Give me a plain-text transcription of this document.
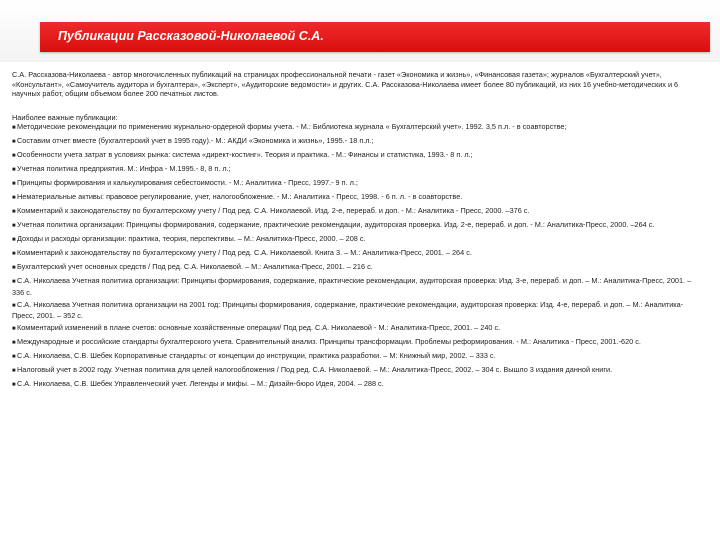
Публикации Рассказовой-Николаевой С.А.

С.А. Рассказова-Николаева - автор многочисленных публикаций на страницах профессиональной печати - газет «Экономика и жизнь», «Финансовая газета»; журналов «Бухгалтерский учет», «Консультант», «Самоучитель аудитора и бухгалтера», «Эксперт», «Аудиторские ведомости» и других. С.А. Рассказова-Николаева имеет более 80 публикаций, из них 16 учебно-методических и 6 научных работ, общим объемом более 200 печатных листов.

Наиболее важные публикации:

■Методические рекомендации по применению журнально-ордерной формы учета. - М.: Библиотека журнала « Бухгалтерский учет». 1992. 3,5 п.л. - в соавторстве;
■Составим отчет вместе (бухгалтерский учет в 1995 году).- М.: АКДИ «Экономика и жизнь», 1995.- 18 п.л.;
■Особенности учета затрат в условиях рынка: система «директ-костинг». Теория и практика. - М.: Финансы и статистика, 1993.- 8 п. л.;
■Учетная политика предприятия. М.: Инфра - М.1995.- 8, 8 п. л.;
■Принципы формирования и калькулирования себестоимости. - М.: Аналитика - Пресс, 1997.- 9 п. л.;
■Нематериальные активы: правовое регулирование, учет, налогообложение. - М.: Аналитика - Пресс, 1998. - 6 п. л. - в соавторстве.
■Комментарий к законодательству по бухгалтерскому учету / Под ред. С.А. Николаевой. Изд. 2-е, перераб. и доп. - М.: Аналитика - Пресс, 2000. –376 с.
■Учетная политика организации: Принципы формирования, содержание, практические рекомендации, аудиторская проверка. Изд. 2-е, перераб. и доп. - М.: Аналитика-Пресс, 2000. –264 с.
■Доходы и расходы организации: практика, теория, перспективы. – М.: Аналитика-Пресс, 2000. – 208 с.
■Комментарий к законодательству по бухгалтерскому учету / Под ред. С.А. Николаевой. Книга 3. – М.: Аналитика-Пресс, 2001. – 264 с.
■Бухгалтерский учет основных средств / Под ред. С.А. Николаевой. – М.: Аналитика-Пресс, 2001. – 216 с.
■С.А. Николаева Учетная политика организации: Принципы формирования, содержание, практические рекомендации, аудиторская проверка: Изд. 3-е, перераб. и доп. – М.: Аналитика-Пресс, 2001. – 336 с.
■С.А. Николаева Учетная политика организации на 2001 год: Принципы формирования, содержание, практические рекомендации, аудиторская проверка: Изд. 4-е, перераб. и доп. – М.: Аналитика-Пресс, 2001. – 352 с.
■Комментарий изменений в плане счетов: основные хозяйственные операции/ Под ред. С.А. Николаевой - М.: Аналитика-Пресс, 2001. – 240 с.
■Международные и российские стандарты бухгалтерского учета. Сравнительный анализ. Принципы трансформации. Проблемы реформирования. - М.: Аналитика - Пресс, 2001.-620 с.
■С.А. Николаева, С.В. Шебек Корпоративные стандарты: от концепции до инструкции, практика разработки. – М: Книжный мир, 2002. – 333 с.
■Налоговый учет в 2002 году. Учетная политика для целей налогообложения / Под ред. С.А. Николаевой. – М.: Аналитика-Пресс, 2002. – 304 с. Вышло 3 издания данной книги.
■С.А. Николаева, С.В. Шебек Управленческий учет. Легенды и мифы. – М.: Дизайн-бюро Идея, 2004. – 288 с.
